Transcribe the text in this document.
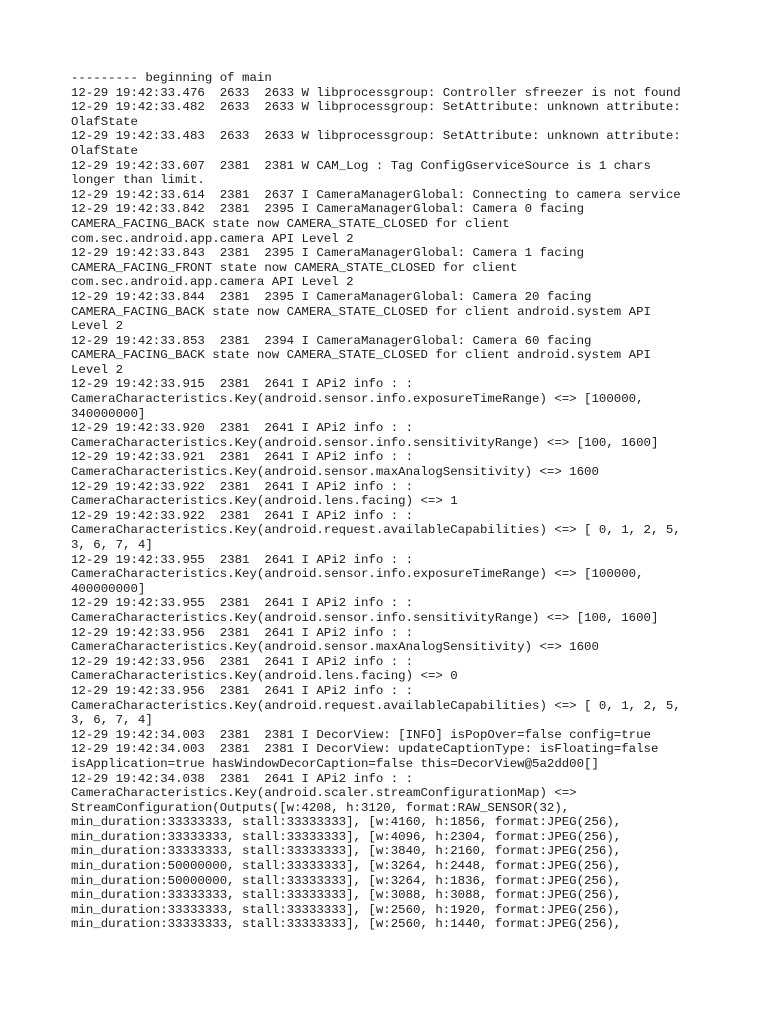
--------- beginning of main
12-29 19:42:33.476  2633  2633 W libprocessgroup: Controller sfreezer is not found
12-29 19:42:33.482  2633  2633 W libprocessgroup: SetAttribute: unknown attribute:
OlafState
12-29 19:42:33.483  2633  2633 W libprocessgroup: SetAttribute: unknown attribute:
OlafState
12-29 19:42:33.607  2381  2381 W CAM_Log : Tag ConfigGserviceSource is 1 chars
longer than limit.
12-29 19:42:33.614  2381  2637 I CameraManagerGlobal: Connecting to camera service
12-29 19:42:33.842  2381  2395 I CameraManagerGlobal: Camera 0 facing
CAMERA_FACING_BACK state now CAMERA_STATE_CLOSED for client
com.sec.android.app.camera API Level 2
12-29 19:42:33.843  2381  2395 I CameraManagerGlobal: Camera 1 facing
CAMERA_FACING_FRONT state now CAMERA_STATE_CLOSED for client
com.sec.android.app.camera API Level 2
12-29 19:42:33.844  2381  2395 I CameraManagerGlobal: Camera 20 facing
CAMERA_FACING_BACK state now CAMERA_STATE_CLOSED for client android.system API
Level 2
12-29 19:42:33.853  2381  2394 I CameraManagerGlobal: Camera 60 facing
CAMERA_FACING_BACK state now CAMERA_STATE_CLOSED for client android.system API
Level 2
12-29 19:42:33.915  2381  2641 I APi2 info : :
CameraCharacteristics.Key(android.sensor.info.exposureTimeRange) <=> [100000,
340000000]
12-29 19:42:33.920  2381  2641 I APi2 info : :
CameraCharacteristics.Key(android.sensor.info.sensitivityRange) <=> [100, 1600]
12-29 19:42:33.921  2381  2641 I APi2 info : :
CameraCharacteristics.Key(android.sensor.maxAnalogSensitivity) <=> 1600
12-29 19:42:33.922  2381  2641 I APi2 info : :
CameraCharacteristics.Key(android.lens.facing) <=> 1
12-29 19:42:33.922  2381  2641 I APi2 info : :
CameraCharacteristics.Key(android.request.availableCapabilities) <=> [ 0, 1, 2, 5,
3, 6, 7, 4]
12-29 19:42:33.955  2381  2641 I APi2 info : :
CameraCharacteristics.Key(android.sensor.info.exposureTimeRange) <=> [100000,
400000000]
12-29 19:42:33.955  2381  2641 I APi2 info : :
CameraCharacteristics.Key(android.sensor.info.sensitivityRange) <=> [100, 1600]
12-29 19:42:33.956  2381  2641 I APi2 info : :
CameraCharacteristics.Key(android.sensor.maxAnalogSensitivity) <=> 1600
12-29 19:42:33.956  2381  2641 I APi2 info : :
CameraCharacteristics.Key(android.lens.facing) <=> 0
12-29 19:42:33.956  2381  2641 I APi2 info : :
CameraCharacteristics.Key(android.request.availableCapabilities) <=> [ 0, 1, 2, 5,
3, 6, 7, 4]
12-29 19:42:34.003  2381  2381 I DecorView: [INFO] isPopOver=false config=true
12-29 19:42:34.003  2381  2381 I DecorView: updateCaptionType: isFloating=false
isApplication=true hasWindowDecorCaption=false this=DecorView@5a2dd00[]
12-29 19:42:34.038  2381  2641 I APi2 info : :
CameraCharacteristics.Key(android.scaler.streamConfigurationMap) <=>
StreamConfiguration(Outputs([w:4208, h:3120, format:RAW_SENSOR(32),
min_duration:33333333, stall:33333333], [w:4160, h:1856, format:JPEG(256),
min_duration:33333333, stall:33333333], [w:4096, h:2304, format:JPEG(256),
min_duration:33333333, stall:33333333], [w:3840, h:2160, format:JPEG(256),
min_duration:50000000, stall:33333333], [w:3264, h:2448, format:JPEG(256),
min_duration:50000000, stall:33333333], [w:3264, h:1836, format:JPEG(256),
min_duration:33333333, stall:33333333], [w:3088, h:3088, format:JPEG(256),
min_duration:33333333, stall:33333333], [w:2560, h:1920, format:JPEG(256),
min_duration:33333333, stall:33333333], [w:2560, h:1440, format:JPEG(256),
